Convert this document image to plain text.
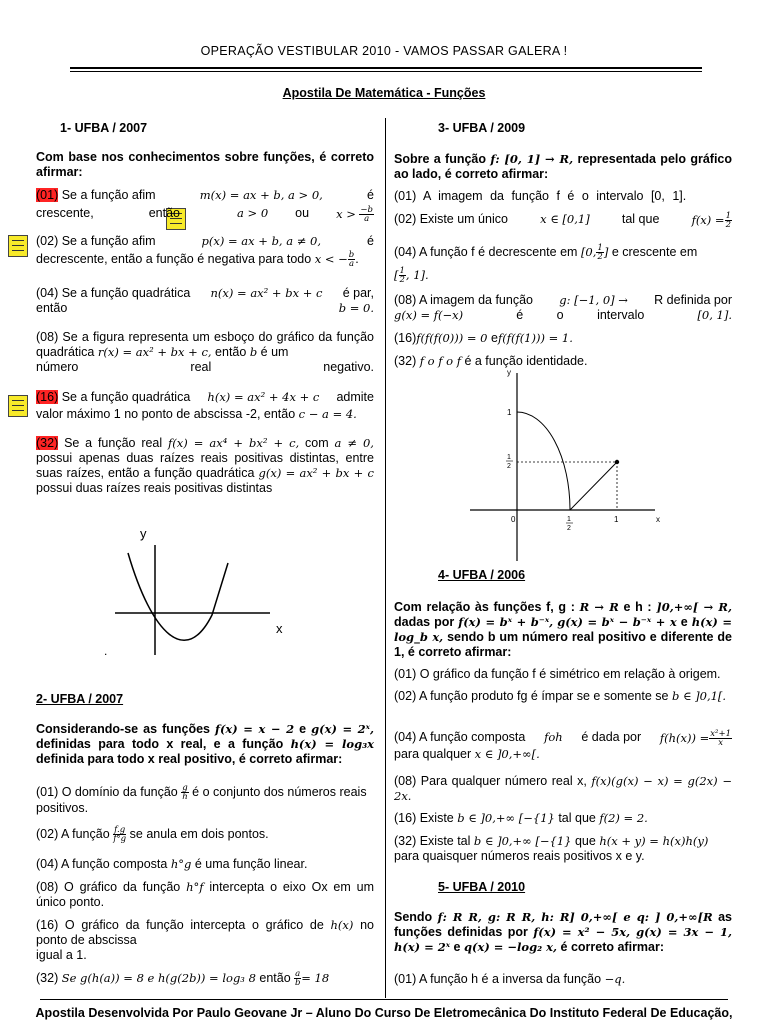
OPERAÇÃO VESTIBULAR 2010 - VAMOS PASSAR GALERA !
Apostila De Matemática - Funções
1- UFBA / 2007
Com base nos conhecimentos sobre funções, é correto afirmar:
(01) Se a função afim	m(x) = ax + b, a > 0,	é
crescente,	então	a > 0 ou $x > \frac{-b}{a}$
(02) Se a função afim	p(x) = ax + b, a ≠ 0,	é
decrescente, então a função é negativa para todo x < − $\frac{b}{a}$ .
(04) Se a função quadrática n(x) = ax² + bx + c é par,
então	b = 0.
(08) Se a figura representa um esboço do gráfico da função quadrática r(x) = ax² + bx + c, então b é um
número	real	negativo.
(16) Se a função quadrática h(x) = ax² + 4x + c admite
valor máximo 1 no ponto de abscissa -2, então c − a = 4.
(32) Se a função real f(x) = ax⁴ + bx² + c, com a ≠ 0, possui apenas duas raízes reais positivas distintas, entre suas raízes, então a função quadrática g(x) = ax² + bx + c possui duas raízes reais positivas distintas
y
x
.
2- UFBA / 2007
Considerando-se as funções f(x) = x − 2 e g(x) = 2ˣ, definidas para todo x real, e a função h(x) = log₃x definida para todo x real positivo, é correto afirmar:
(01) O domínio da função $\frac{g}{h}$ é o conjunto dos números reais positivos.
(02) A função $\frac{f.g}{f^\circ g}$ se anula em dois pontos.
(04) A função composta h°g é uma função linear.
(08) O gráfico da função h°f intercepta o eixo Ox em um único ponto.
(16) O gráfico da função intercepta o gráfico de h(x) no ponto de abscissa
igual a 1.
(32) Se g(h(a)) = 8 e h(g(2b)) = log₃ 8 então $\frac{a}{b} = 18$
3- UFBA / 2009
Sobre a função f: [0, 1] → R, representada pelo gráfico ao lado, é correto afirmar:
(01) A imagem da função f é o intervalo [0, 1].
(02) Existe um único	x ∈ [0,1]	tal que	$f(x) = \frac{1}{2}$
(04) A função f é decrescente em [0, $\frac{1}{2}$ ] e crescente em
[ $\frac{1}{2}$ , 1].
(08) A imagem da função g: [−1, 0] → R definida por
g(x) = f(−x)	é o intervalo	[0, 1].
(16)f(f(f(0))) = 0 ef(f(f(1))) = 1.
(32) f o f o f é a função identidade.
y
x
1
1
2
0	1
2
1
4- UFBA / 2006
Com relação às funções f, g : R → R e h : ]0,+∞[ → R, dadas por f(x) = bˣ + b⁻ˣ, g(x) = bˣ − b⁻ˣ + x e h(x) = log_b x, sendo b um número real positivo e diferente de 1, é correto afirmar:
(01) O gráfico da função f é simétrico em relação à origem.
(02) A função produto fg é ímpar se e somente se b ∈ ]0,1[.
(04) A função composta foh é dada por $f(h(x)) = \frac{\text{x²+1}}{x}$
para qualquer x ∈ ]0,+∞[.
(08) Para qualquer número real x, f(x)(g(x) − x) = g(2x) − 2x.
(16) Existe b ∈ ]0,+∞ [−{1} tal que f(2) = 2.
(32) Existe tal b ∈ ]0,+∞ [−{1} que h(x + y) = h(x)h(y)
para quaisquer números reais positivos x e y.
5- UFBA / 2010
Sendo f: R R, g: R R, h: R] 0,+∞[ e q: ] 0,+∞[R as funções definidas por f(x) = x² − 5x, g(x) = 3x − 1, h(x) = 2ˣ e q(x) = −log₂ x, é correto afirmar:
(01) A função h é a inversa da função −q.
Apostila Desenvolvida Por Paulo Geovane Jr – Aluno Do Curso De Eletromecânica Do Instituto Federal De Educação,
